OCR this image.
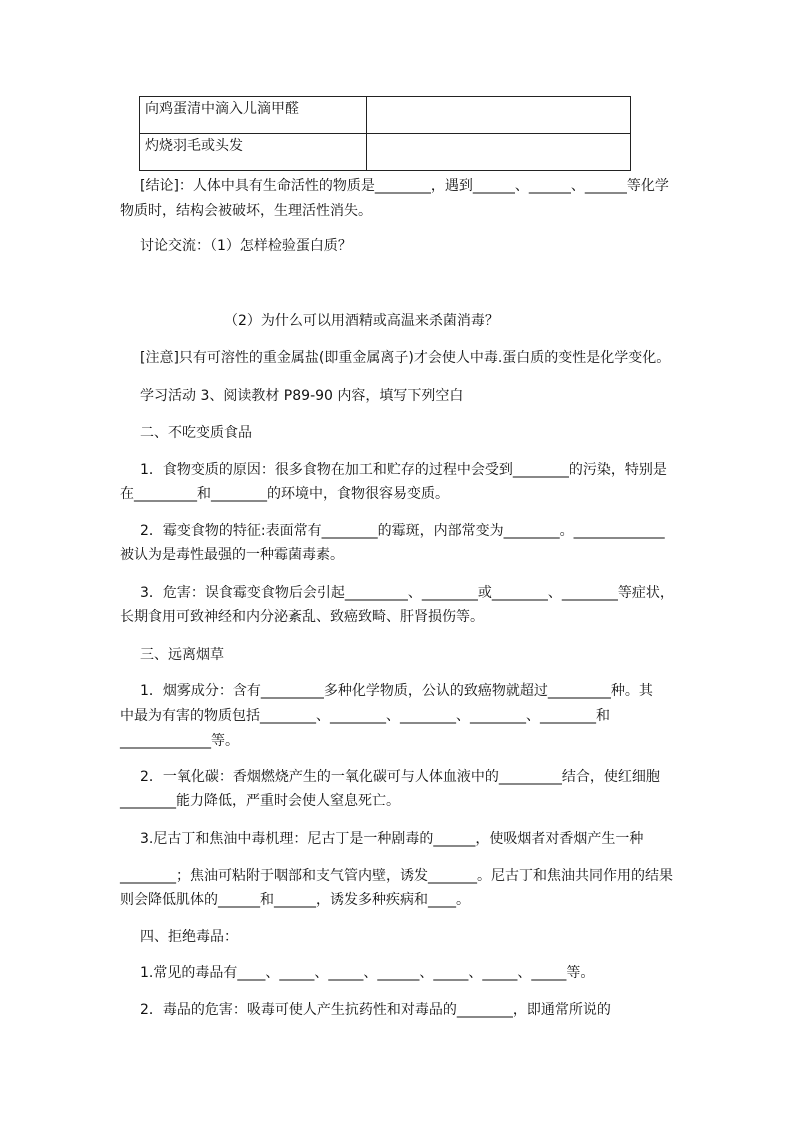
向鸡蛋清中滴入儿滴甲醛	
灼烧羽毛或头发	
[结论]：人体中具有生命活性的物质是________，遇到______、______、______等化学
物质时，结构会被破坏，生理活性消失。
讨论交流：（1）怎样检验蛋白质？
（2）为什么可以用酒精或高温来杀菌消毒？
[注意]只有可溶性的重金属盐(即重金属离子)才会使人中毒.蛋白质的变性是化学变化。
学习活动 3、阅读教材 P89-90 内容，填写下列空白
二、不吃变质食品
1．食物变质的原因：很多食物在加工和贮存的过程中会受到________的污染，特别是
在_________和________的环境中，食物很容易变质。
2．霉变食物的特征:表面常有________的霉斑，内部常变为________。_____________
被认为是毒性最强的一种霉菌毒素。
3．危害：误食霉变食物后会引起_________、________或________、________等症状，
长期食用可致神经和内分泌紊乱、致癌致畸、肝肾损伤等。
三、远离烟草
1．烟雾成分：含有_________多种化学物质，公认的致癌物就超过_________种。其
中最为有害的物质包括________、________、________、________、________和
_____________等。
2．一氧化碳：香烟燃烧产生的一氧化碳可与人体血液中的_________结合，使红细胞
________能力降低，严重时会使人窒息死亡。
3.尼古丁和焦油中毒机理：尼古丁是一种剧毒的______，使吸烟者对香烟产生一种
________；焦油可粘附于咽部和支气管内壁，诱发_______。尼古丁和焦油共同作用的结果
则会降低肌体的______和______，诱发多种疾病和____。
四、拒绝毒品：
1.常见的毒品有____、_____、_____、______、_____、_____、_____等。
2．毒品的危害：吸毒可使人产生抗药性和对毒品的________，即通常所说的
